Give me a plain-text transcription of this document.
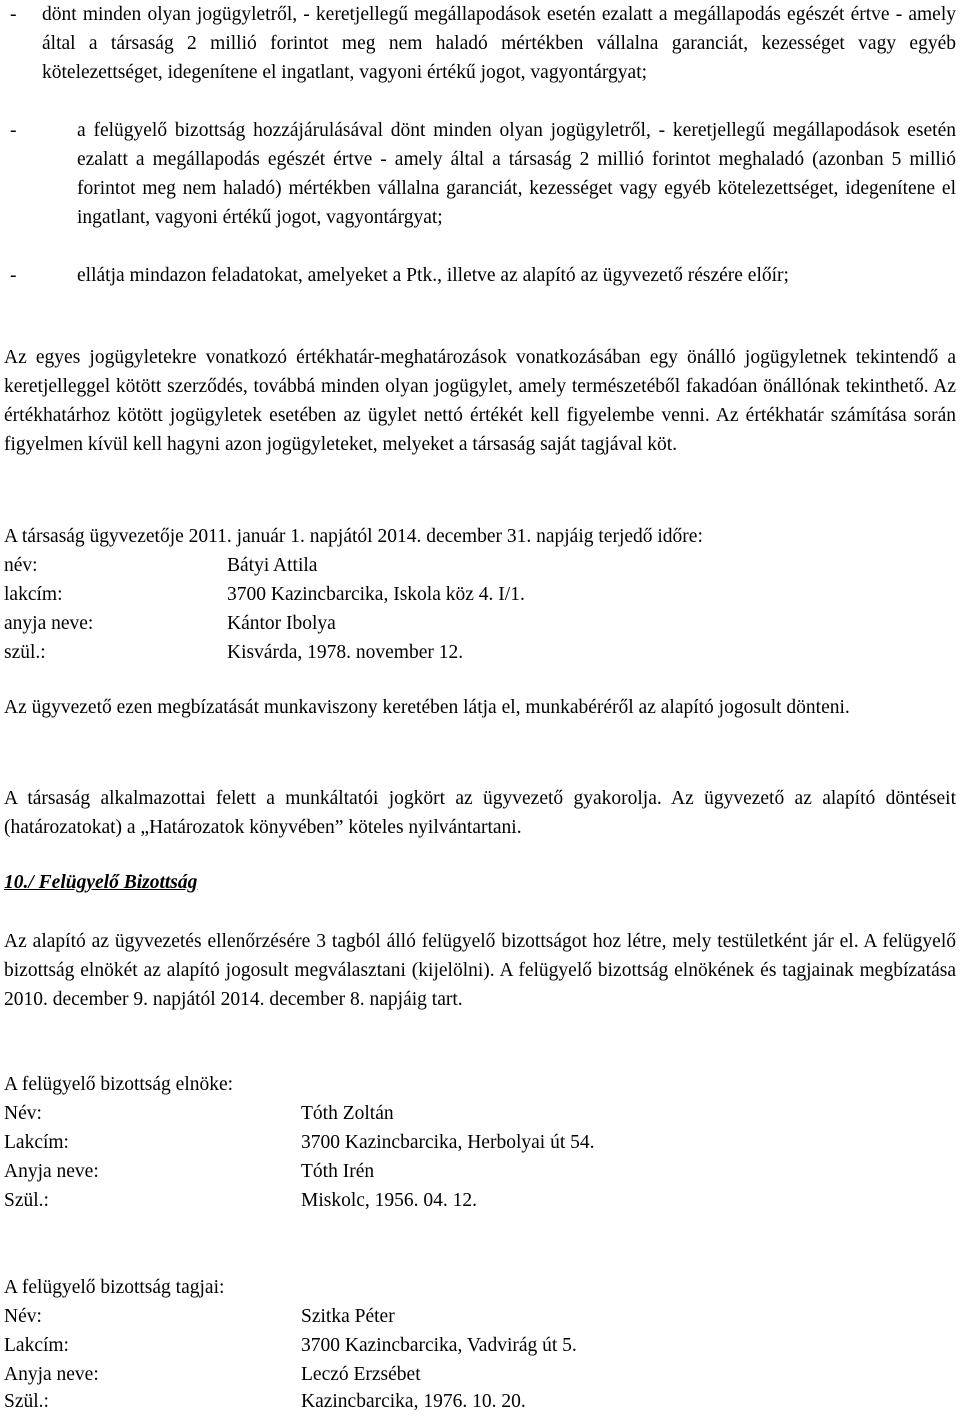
- dönt minden olyan jogügyletről, - keretjellegű megállapodások esetén ezalatt a megállapodás egészét értve - amely által a társaság 2 millió forintot meg nem haladó mértékben vállalna garanciát, kezességet vagy egyéb kötelezettséget, idegenítene el ingatlant, vagyoni értékű jogot, vagyontárgyat;
-	a felügyelő bizottság hozzájárulásával dönt minden olyan jogügyletről, - keretjellegű megállapodások esetén ezalatt a megállapodás egészét értve - amely által a társaság 2 millió forintot meghaladó (azonban 5 millió forintot meg nem haladó) mértékben vállalna garanciát, kezességet vagy egyéb kötelezettséget, idegenítene el ingatlant, vagyoni értékű jogot, vagyontárgyat;
-	ellátja mindazon feladatokat, amelyeket a Ptk., illetve az alapító az ügyvezető részére előír;

Az egyes jogügyletekre vonatkozó értékhatár-meghatározások vonatkozásában egy önálló jogügyletnek tekintendő a keretjelleggel kötött szerződés, továbbá minden olyan jogügylet, amely természetéből fakadóan önállónak tekinthető. Az értékhatárhoz kötött jogügyletek esetében az ügylet nettó értékét kell figyelembe venni. Az értékhatár számítása során figyelmen kívül kell hagyni azon jogügyleteket, melyeket a társaság saját tagjával köt.

A társaság ügyvezetője 2011. január 1. napjától 2014. december 31. napjáig terjedő időre:

név:	Bátyi Attila
lakcím:	3700 Kazincbarcika, Iskola köz 4. I/1.
anyja neve:	Kántor Ibolya
szül.:	Kisvárda, 1978. november 12.

Az ügyvezető ezen megbízatását munkaviszony keretében látja el, munkabéréről az alapító jogosult dönteni.

A társaság alkalmazottai felett a munkáltatói jogkört az ügyvezető gyakorolja. Az ügyvezető az alapító döntéseit (határozatokat) a „Határozatok könyvében” köteles nyilvántartani.

10./ Felügyelő Bizottság

Az alapító az ügyvezetés ellenőrzésére 3 tagból álló felügyelő bizottságot hoz létre, mely testületként jár el. A felügyelő bizottság elnökét az alapító jogosult megválasztani (kijelölni). A felügyelő bizottság elnökének és tagjainak megbízatása 2010. december 9. napjától 2014. december 8. napjáig tart.

A felügyelő bizottság elnöke:

Név:	Tóth Zoltán
Lakcím:	3700 Kazincbarcika, Herbolyai út 54.
Anyja neve:	Tóth Irén
Szül.:	Miskolc, 1956. 04. 12.

A felügyelő bizottság tagjai:

Név:	Szitka Péter
Lakcím:	3700 Kazincbarcika, Vadvirág út 5.
Anyja neve:	Leczó Erzsébet
Szül.:	Kazincbarcika, 1976. 10. 20.
